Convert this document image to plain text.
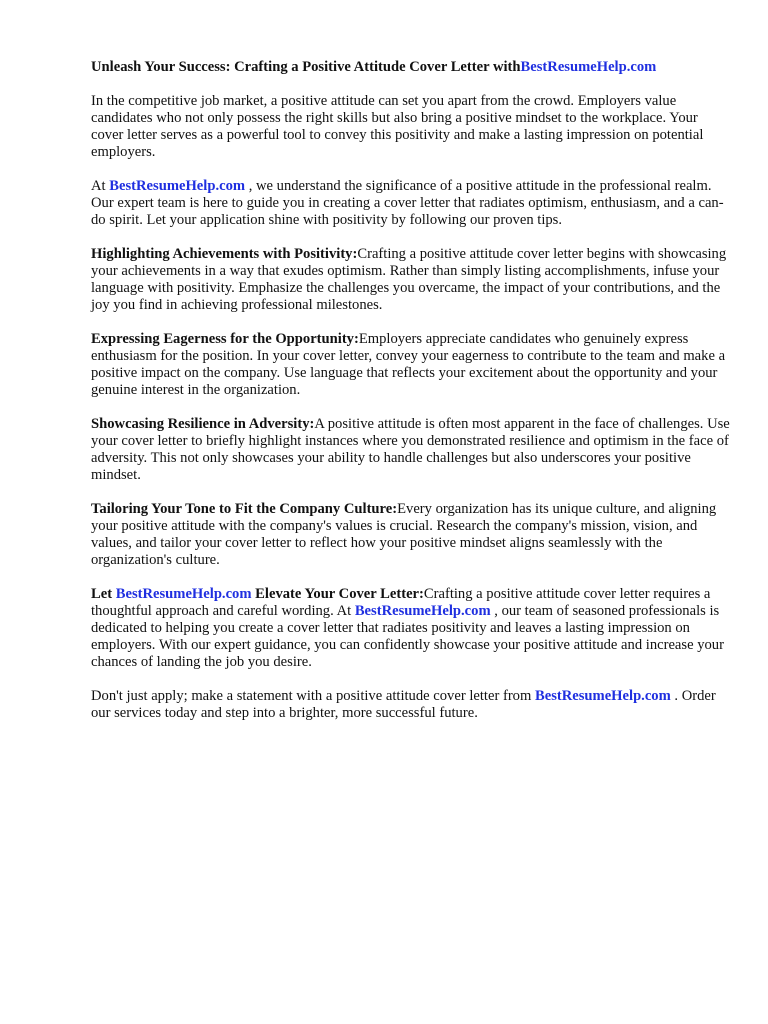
Unleash Your Success: Crafting a Positive Attitude Cover Letter withBestResumeHelp.com

In the competitive job market, a positive attitude can set you apart from the crowd. Employers value candidates who not only possess the right skills but also bring a positive mindset to the workplace. Your cover letter serves as a powerful tool to convey this positivity and make a lasting impression on potential employers.

At BestResumeHelp.com , we understand the significance of a positive attitude in the professional realm. Our expert team is here to guide you in creating a cover letter that radiates optimism, enthusiasm, and a can-do spirit. Let your application shine with positivity by following our proven tips.

Highlighting Achievements with Positivity:Crafting a positive attitude cover letter begins with showcasing your achievements in a way that exudes optimism. Rather than simply listing accomplishments, infuse your language with positivity. Emphasize the challenges you overcame, the impact of your contributions, and the joy you find in achieving professional milestones.

Expressing Eagerness for the Opportunity:Employers appreciate candidates who genuinely express enthusiasm for the position. In your cover letter, convey your eagerness to contribute to the team and make a positive impact on the company. Use language that reflects your excitement about the opportunity and your genuine interest in the organization.

Showcasing Resilience in Adversity:A positive attitude is often most apparent in the face of challenges. Use your cover letter to briefly highlight instances where you demonstrated resilience and optimism in the face of adversity. This not only showcases your ability to handle challenges but also underscores your positive mindset.

Tailoring Your Tone to Fit the Company Culture:Every organization has its unique culture, and aligning your positive attitude with the company's values is crucial. Research the company's mission, vision, and values, and tailor your cover letter to reflect how your positive mindset aligns seamlessly with the organization's culture.

Let BestResumeHelp.com Elevate Your Cover Letter:Crafting a positive attitude cover letter requires a thoughtful approach and careful wording. At BestResumeHelp.com , our team of seasoned professionals is dedicated to helping you create a cover letter that radiates positivity and leaves a lasting impression on employers. With our expert guidance, you can confidently showcase your positive attitude and increase your chances of landing the job you desire.

Don't just apply; make a statement with a positive attitude cover letter from BestResumeHelp.com . Order our services today and step into a brighter, more successful future.
